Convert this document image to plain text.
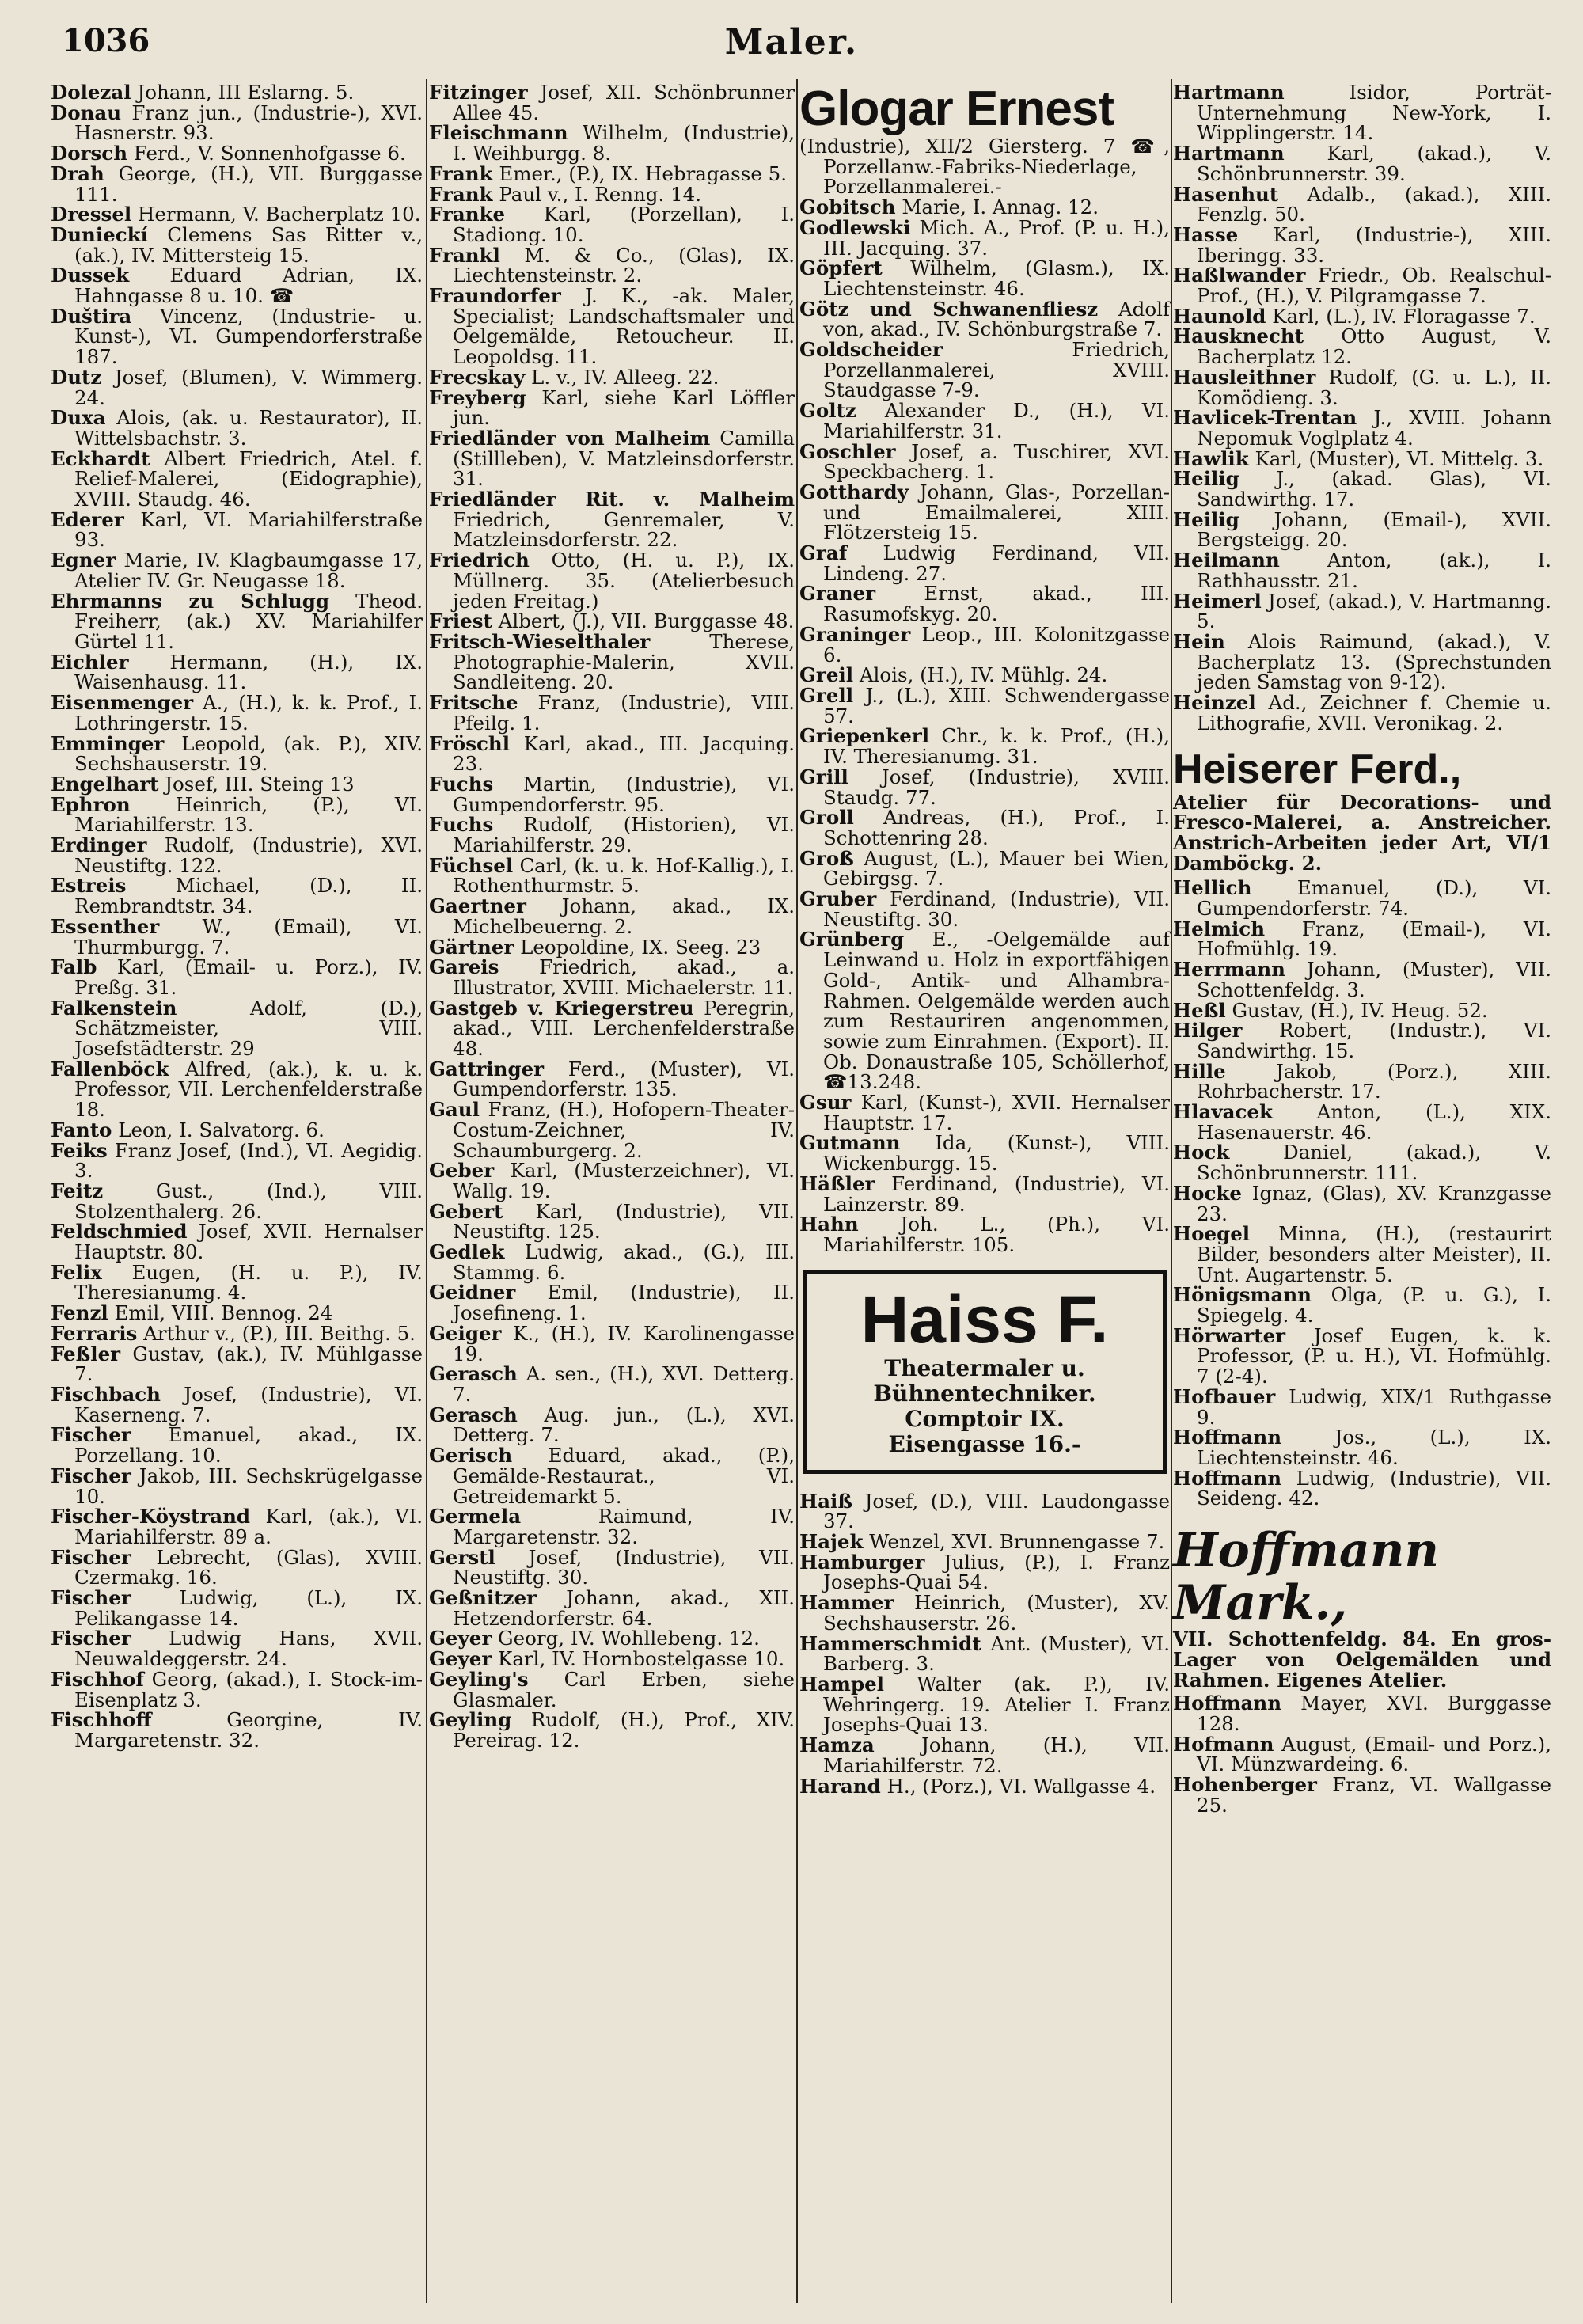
1036	Maler.

Dolezal Johann, III Eslarng. 5.

Donau Franz jun., (Industrie-), XVI. Hasnerstr. 93.

Dorsch Ferd., V. Sonnenhofgasse 6.

Drah George, (H.), VII. Burggasse 111.

Dressel Hermann, V. Bacherplatz 10.

Dunieckí Clemens Sas Ritter v., (ak.), IV. Mittersteig 15.

Dussek Eduard Adrian, IX. Hahngasse 8 u. 10. ☎

Duštira Vincenz, (Industrie- u. Kunst-), VI. Gumpendorferstraße 187.

Dutz Josef, (Blumen), V. Wimmerg. 24.

Duxa Alois, (ak. u. Restaurator), II. Wittelsbachstr. 3.

Eckhardt Albert Friedrich, Atel. f. Relief-Malerei, (Eidographie), XVIII. Staudg. 46.

Ederer Karl, VI. Mariahilferstraße 93.

Egner Marie, IV. Klagbaumgasse 17, Atelier IV. Gr. Neugasse 18.

Ehrmanns zu Schlugg Theod. Freiherr, (ak.) XV. Mariahilfer Gürtel 11.

Eichler Hermann, (H.), IX. Waisenhausg. 11.

Eisenmenger A., (H.), k. k. Prof., I. Lothringerstr. 15.

Emminger Leopold, (ak. P.), XIV. Sechshauserstr. 19.

Engelhart Josef, III. Steing 13

Ephron Heinrich, (P.), VI. Mariahilferstr. 13.

Erdinger Rudolf, (Industrie), XVI. Neustiftg. 122.

Estreis Michael, (D.), II. Rembrandtstr. 34.

Essenther W., (Email), VI. Thurmburgg. 7.

Falb Karl, (Email- u. Porz.), IV. Preßg. 31.

Falkenstein Adolf, (D.), Schätzmeister, VIII. Josefstädterstr. 29

Fallenböck Alfred, (ak.), k. u. k. Professor, VII. Lerchenfelderstraße 18.

Fanto Leon, I. Salvatorg. 6.

Feiks Franz Josef, (Ind.), VI. Aegidig. 3.

Feitz Gust., (Ind.), VIII. Stolzenthalerg. 26.

Feldschmied Josef, XVII. Hernalser Hauptstr. 80.

Felix Eugen, (H. u. P.), IV. Theresianumg. 4.

Fenzl Emil, VIII. Bennog. 24

Ferraris Arthur v., (P.), III. Beithg. 5.

Feßler Gustav, (ak.), IV. Mühlgasse 7.

Fischbach Josef, (Industrie), VI. Kaserneng. 7.

Fischer Emanuel, akad., IX. Porzellang. 10.

Fischer Jakob, III. Sechskrügelgasse 10.

Fischer-Köystrand Karl, (ak.), VI. Mariahilferstr. 89 a.

Fischer Lebrecht, (Glas), XVIII. Czermakg. 16.

Fischer Ludwig, (L.), IX. Pelikangasse 14.

Fischer Ludwig Hans, XVII. Neuwaldeggerstr. 24.

Fischhof Georg, (akad.), I. Stock-im-Eisenplatz 3.

Fischhoff Georgine, IV. Margaretenstr. 32.

Fitzinger Josef, XII. Schönbrunner Allee 45.

Fleischmann Wilhelm, (Industrie), I. Weihburgg. 8.

Frank Emer., (P.), IX. Hebragasse 5.

Frank Paul v., I. Renng. 14.

Franke Karl, (Porzellan), I. Stadiong. 10.

Frankl M. & Co., (Glas), IX. Liechtensteinstr. 2.

Fraundorfer J. K., -ak. Maler, Specialist; Landschaftsmaler und Oelgemälde, Retoucheur. II. Leopoldsg. 11.

Frecskay L. v., IV. Alleeg. 22.

Freyberg Karl, siehe Karl Löffler jun.

Friedländer von Malheim Camilla (Stillleben), V. Matzleinsdorferstr. 31.

Friedländer Rit. v. Malheim Friedrich, Genremaler, V. Matzleinsdorferstr. 22.

Friedrich Otto, (H. u. P.), IX. Müllnerg. 35. (Atelierbesuch jeden Freitag.)

Friest Albert, (J.), VII. Burggasse 48.

Fritsch-Wieselthaler Therese, Photographie-Malerin, XVII. Sandleiteng. 20.

Fritsche Franz, (Industrie), VIII. Pfeilg. 1.

Fröschl Karl, akad., III. Jacquing. 23.

Fuchs Martin, (Industrie), VI. Gumpendorferstr. 95.

Fuchs Rudolf, (Historien), VI. Mariahilferstr. 29.

Füchsel Carl, (k. u. k. Hof-Kallig.), I. Rothenthurmstr. 5.

Gaertner Johann, akad., IX. Michelbeuerng. 2.

Gärtner Leopoldine, IX. Seeg. 23

Gareis Friedrich, akad., a. Illustrator, XVIII. Michaelerstr. 11.

Gastgeb v. Kriegerstreu Peregrin, akad., VIII. Lerchenfelderstraße 48.

Gattringer Ferd., (Muster), VI. Gumpendorferstr. 135.

Gaul Franz, (H.), Hofopern-Theater-Costum-Zeichner, IV. Schaumburgerg. 2.

Geber Karl, (Musterzeichner), VI. Wallg. 19.

Gebert Karl, (Industrie), VII. Neustiftg. 125.

Gedlek Ludwig, akad., (G.), III. Stammg. 6.

Geidner Emil, (Industrie), II. Josefineng. 1.

Geiger K., (H.), IV. Karolinengasse 19.

Gerasch A. sen., (H.), XVI. Detterg. 7.

Gerasch Aug. jun., (L.), XVI. Detterg. 7.

Gerisch Eduard, akad., (P.), Gemälde-Restaurat., VI. Getreidemarkt 5.

Germela Raimund, IV. Margaretenstr. 32.

Gerstl Josef, (Industrie), VII. Neustiftg. 30.

Geßnitzer Johann, akad., XII. Hetzendorferstr. 64.

Geyer Georg, IV. Wohllebeng. 12.

Geyer Karl, IV. Hornbostelgasse 10.

Geyling's Carl Erben, siehe Glasmaler.

Geyling Rudolf, (H.), Prof., XIV. Pereirag. 12.

Glogar Ernest

(Industrie), XII/2 Giersterg. 7 ☎, Porzellanw.-Fabriks-Niederlage, Porzellanmalerei.-

Gobitsch Marie, I. Annag. 12.

Godlewski Mich. A., Prof. (P. u. H.), III. Jacquing. 37.

Göpfert Wilhelm, (Glasm.), IX. Liechtensteinstr. 46.

Götz und Schwanenfliesz Adolf von, akad., IV. Schönburgstraße 7.

Goldscheider Friedrich, Porzellanmalerei, XVIII. Staudgasse 7-9.

Goltz Alexander D., (H.), VI. Mariahilferstr. 31.

Goschler Josef, a. Tuschirer, XVI. Speckbacherg. 1.

Gotthardy Johann, Glas-, Porzellan- und Emailmalerei, XIII. Flötzersteig 15.

Graf Ludwig Ferdinand, VII. Lindeng. 27.

Graner Ernst, akad., III. Rasumofskyg. 20.

Graninger Leop., III. Kolonitzgasse 6.

Greil Alois, (H.), IV. Mühlg. 24.

Grell J., (L.), XIII. Schwendergasse 57.

Griepenkerl Chr., k. k. Prof., (H.), IV. Theresianumg. 31.

Grill Josef, (Industrie), XVIII. Staudg. 77.

Groll Andreas, (H.), Prof., I. Schottenring 28.

Groß August, (L.), Mauer bei Wien, Gebirgsg. 7.

Gruber Ferdinand, (Industrie), VII. Neustiftg. 30.

Grünberg E., -Oelgemälde auf Leinwand u. Holz in exportfähigen Gold-, Antik- und Alhambra-Rahmen. Oelgemälde werden auch zum Restauriren angenommen, sowie zum Einrahmen. (Export). II. Ob. Donaustraße 105, Schöllerhof, ☎13.248.

Gsur Karl, (Kunst-), XVII. Hernalser Hauptstr. 17.

Gutmann Ida, (Kunst-), VIII. Wickenburgg. 15.

Häßler Ferdinand, (Industrie), VI. Lainzerstr. 89.

Hahn Joh. L., (Ph.), VI. Mariahilferstr. 105.

Haiss F.
Theatermaler u. Bühnentechniker. Comptoir IX.
Eisengasse 16.-

Haiß Josef, (D.), VIII. Laudongasse 37.

Hajek Wenzel, XVI. Brunnengasse 7.

Hamburger Julius, (P.), I. Franz Josephs-Quai 54.

Hammer Heinrich, (Muster), XV. Sechshauserstr. 26.

Hammerschmidt Ant. (Muster), VI. Barberg. 3.

Hampel Walter (ak. P.), IV. Wehringerg. 19. Atelier I. Franz Josephs-Quai 13.

Hamza Johann, (H.), VII. Mariahilferstr. 72.

Harand H., (Porz.), VI. Wallgasse 4.

Hartmann Isidor, Porträt-Unternehmung New-York, I. Wipplingerstr. 14.

Hartmann Karl, (akad.), V. Schönbrunnerstr. 39.

Hasenhut Adalb., (akad.), XIII. Fenzlg. 50.

Hasse Karl, (Industrie-), XIII. Iberingg. 33.

Haßlwander Friedr., Ob. Realschul-Prof., (H.), V. Pilgramgasse 7.

Haunold Karl, (L.), IV. Floragasse 7.

Hausknecht Otto August, V. Bacherplatz 12.

Hausleithner Rudolf, (G. u. L.), II. Komödieng. 3.

Havlicek-Trentan J., XVIII. Johann Nepomuk Voglplatz 4.

Hawlik Karl, (Muster), VI. Mittelg. 3.

Heilig J., (akad. Glas), VI. Sandwirthg. 17.

Heilig Johann, (Email-), XVII. Bergsteigg. 20.

Heilmann Anton, (ak.), I. Rathhausstr. 21.

Heimerl Josef, (akad.), V. Hartmanng. 5.

Hein Alois Raimund, (akad.), V. Bacherplatz 13. (Sprechstunden jeden Samstag von 9-12).

Heinzel Ad., Zeichner f. Chemie u. Lithografie, XVII. Veronikag. 2.

Heiserer Ferd.,

Atelier für Decorations- und Fresco-Malerei, a. Anstreicher. Anstrich-Arbeiten jeder Art, VI/1 Damböckg. 2.

Hellich Emanuel, (D.), VI. Gumpendorferstr. 74.

Helmich Franz, (Email-), VI. Hofmühlg. 19.

Herrmann Johann, (Muster), VII. Schottenfeldg. 3.

Heßl Gustav, (H.), IV. Heug. 52.

Hilger Robert, (Industr.), VI. Sandwirthg. 15.

Hille Jakob, (Porz.), XIII. Rohrbacherstr. 17.

Hlavacek Anton, (L.), XIX. Hasenauerstr. 46.

Hock Daniel, (akad.), V. Schönbrunnerstr. 111.

Hocke Ignaz, (Glas), XV. Kranzgasse 23.

Hoegel Minna, (H.), (restaurirt Bilder, besonders alter Meister), II. Unt. Augartenstr. 5.

Hönigsmann Olga, (P. u. G.), I. Spiegelg. 4.

Hörwarter Josef Eugen, k. k. Professor, (P. u. H.), VI. Hofmühlg. 7 (2-4).

Hofbauer Ludwig, XIX/1 Ruthgasse 9.

Hoffmann Jos., (L.), IX. Liechtensteinstr. 46.

Hoffmann Ludwig, (Industrie), VII. Seideng. 42.

Hoffmann Mark.,

VII. Schottenfeldg. 84. En gros-Lager von Oelgemälden und Rahmen. Eigenes Atelier.

Hoffmann Mayer, XVI. Burggasse 128.

Hofmann August, (Email- und Porz.), VI. Münzwardeing. 6.

Hohenberger Franz, VI. Wallgasse 25.
